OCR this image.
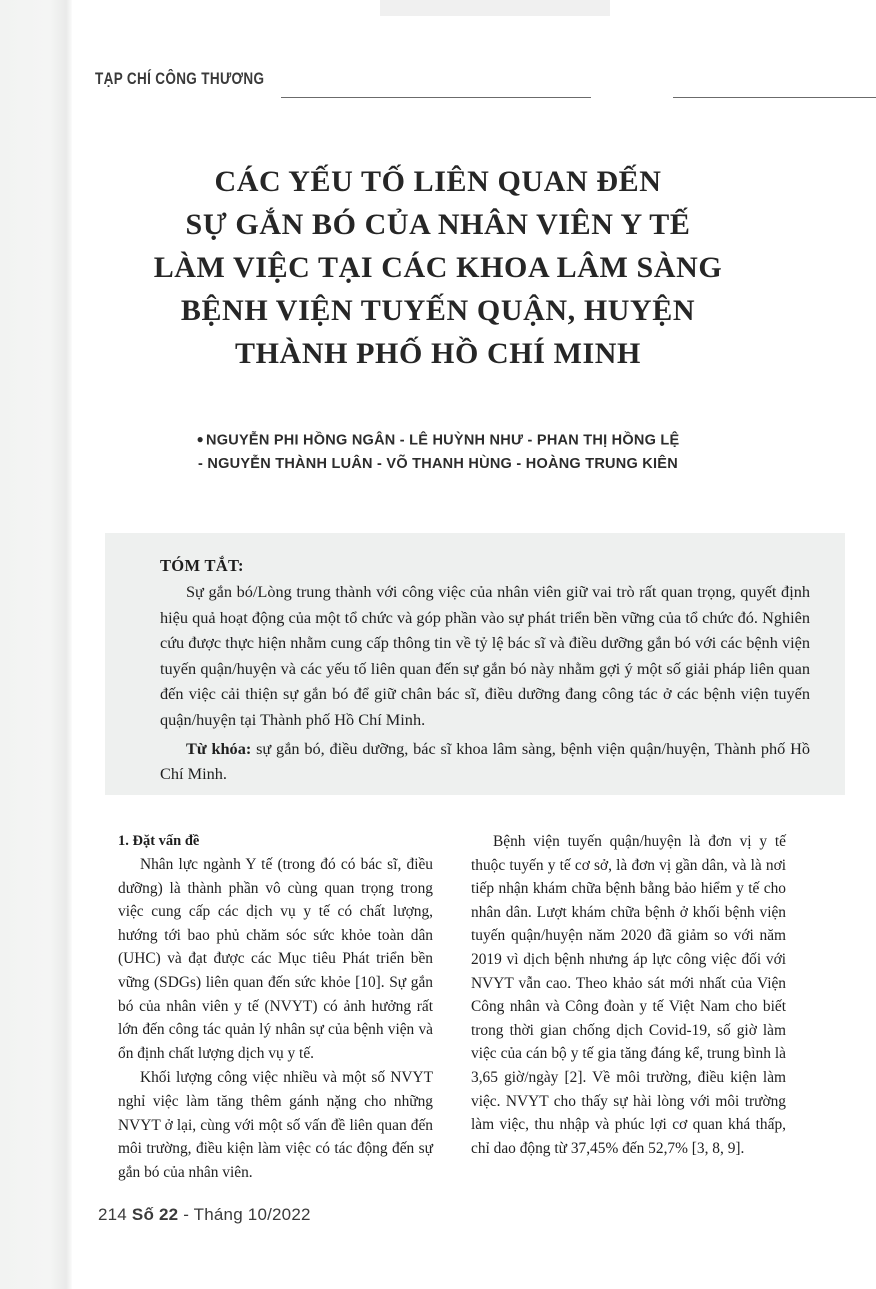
TẠP CHÍ CÔNG THƯƠNG
CÁC YẾU TỐ LIÊN QUAN ĐẾN
SỰ GẮN BÓ CỦA NHÂN VIÊN Y TẾ
LÀM VIỆC TẠI CÁC KHOA LÂM SÀNG
BỆNH VIỆN TUYẾN QUẬN, HUYỆN
THÀNH PHỐ HỒ CHÍ MINH
● NGUYỄN PHI HỒNG NGÂN - LÊ HUỲNH NHƯ - PHAN THỊ HỒNG LỆ
- NGUYỄN THÀNH LUÂN - VÕ THANH HÙNG - HOÀNG TRUNG KIÊN
TÓM TẮT:
Sự gắn bó/Lòng trung thành với công việc của nhân viên giữ vai trò rất quan trọng, quyết định hiệu quả hoạt động của một tổ chức và góp phần vào sự phát triển bền vững của tổ chức đó. Nghiên cứu được thực hiện nhằm cung cấp thông tin về tỷ lệ bác sĩ và điều dưỡng gắn bó với các bệnh viện tuyến quận/huyện và các yếu tố liên quan đến sự gắn bó này nhằm gợi ý một số giải pháp liên quan đến việc cải thiện sự gắn bó để giữ chân bác sĩ, điều dưỡng đang công tác ở các bệnh viện tuyến quận/huyện tại Thành phố Hồ Chí Minh.
Từ khóa: sự gắn bó, điều dưỡng, bác sĩ khoa lâm sàng, bệnh viện quận/huyện, Thành phố Hồ Chí Minh.
1. Đặt vấn đề

Nhân lực ngành Y tế (trong đó có bác sĩ, điều dưỡng) là thành phần vô cùng quan trọng trong việc cung cấp các dịch vụ y tế có chất lượng, hướng tới bao phủ chăm sóc sức khỏe toàn dân (UHC) và đạt được các Mục tiêu Phát triển bền vững (SDGs) liên quan đến sức khỏe [10]. Sự gắn bó của nhân viên y tế (NVYT) có ảnh hưởng rất lớn đến công tác quản lý nhân sự của bệnh viện và ổn định chất lượng dịch vụ y tế.

Khối lượng công việc nhiều và một số NVYT nghỉ việc làm tăng thêm gánh nặng cho những NVYT ở lại, cùng với một số vấn đề liên quan đến môi trường, điều kiện làm việc có tác động đến sự gắn bó của nhân viên.

Bệnh viện tuyến quận/huyện là đơn vị y tế thuộc tuyến y tế cơ sở, là đơn vị gần dân, và là nơi tiếp nhận khám chữa bệnh bằng bảo hiểm y tế cho nhân dân. Lượt khám chữa bệnh ở khối bệnh viện tuyến quận/huyện năm 2020 đã giảm so với năm 2019 vì dịch bệnh nhưng áp lực công việc đối với NVYT vẫn cao. Theo khảo sát mới nhất của Viện Công nhân và Công đoàn y tế Việt Nam cho biết trong thời gian chống dịch Covid-19, số giờ làm việc của cán bộ y tế gia tăng đáng kể, trung bình là 3,65 giờ/ngày [2]. Về môi trường, điều kiện làm việc. NVYT cho thấy sự hài lòng với môi trường làm việc, thu nhập và phúc lợi cơ quan khá thấp, chỉ dao động từ 37,45% đến 52,7% [3, 8, 9].

214 Số 22 - Tháng 10/2022
